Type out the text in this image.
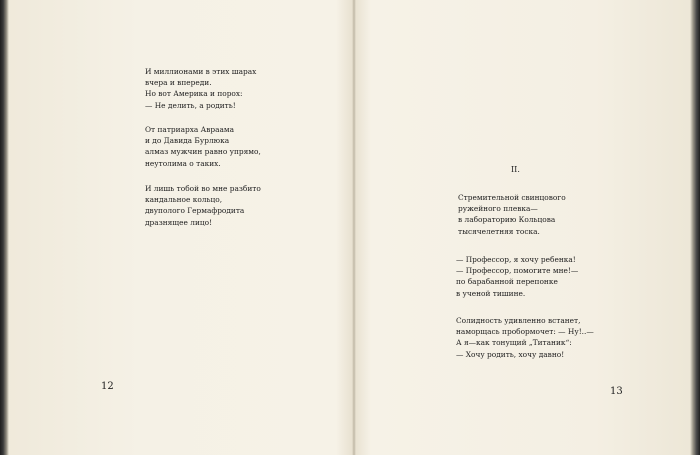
И миллионами в этих шарах
вчера и впереди.
Но вот Америка и порох:
— Не делить, а родить!
От патриарха Авраама
и до Давида Бурлюка
алмаз мужчин равно упрямо,
неутолима о таких.
И лишь тобой во мне разбито
кандальное кольцо,
двуполого Гермафродита
дразнящее лицо!
12
II.
Стремительной свинцового
ружейного плевка—
в лабораторию Кольцова
тысячелетняя тоска.
— Профессор, я хочу ребенка!
— Профессор, помогите мне!—
по барабанной перепонке
в ученой тишине.
Солидность удивленно встанет,
наморщась пробормочет: — Ну!..—
А я—как тонущий „Титаник“:
— Хочу родить, хочу давно!
13
